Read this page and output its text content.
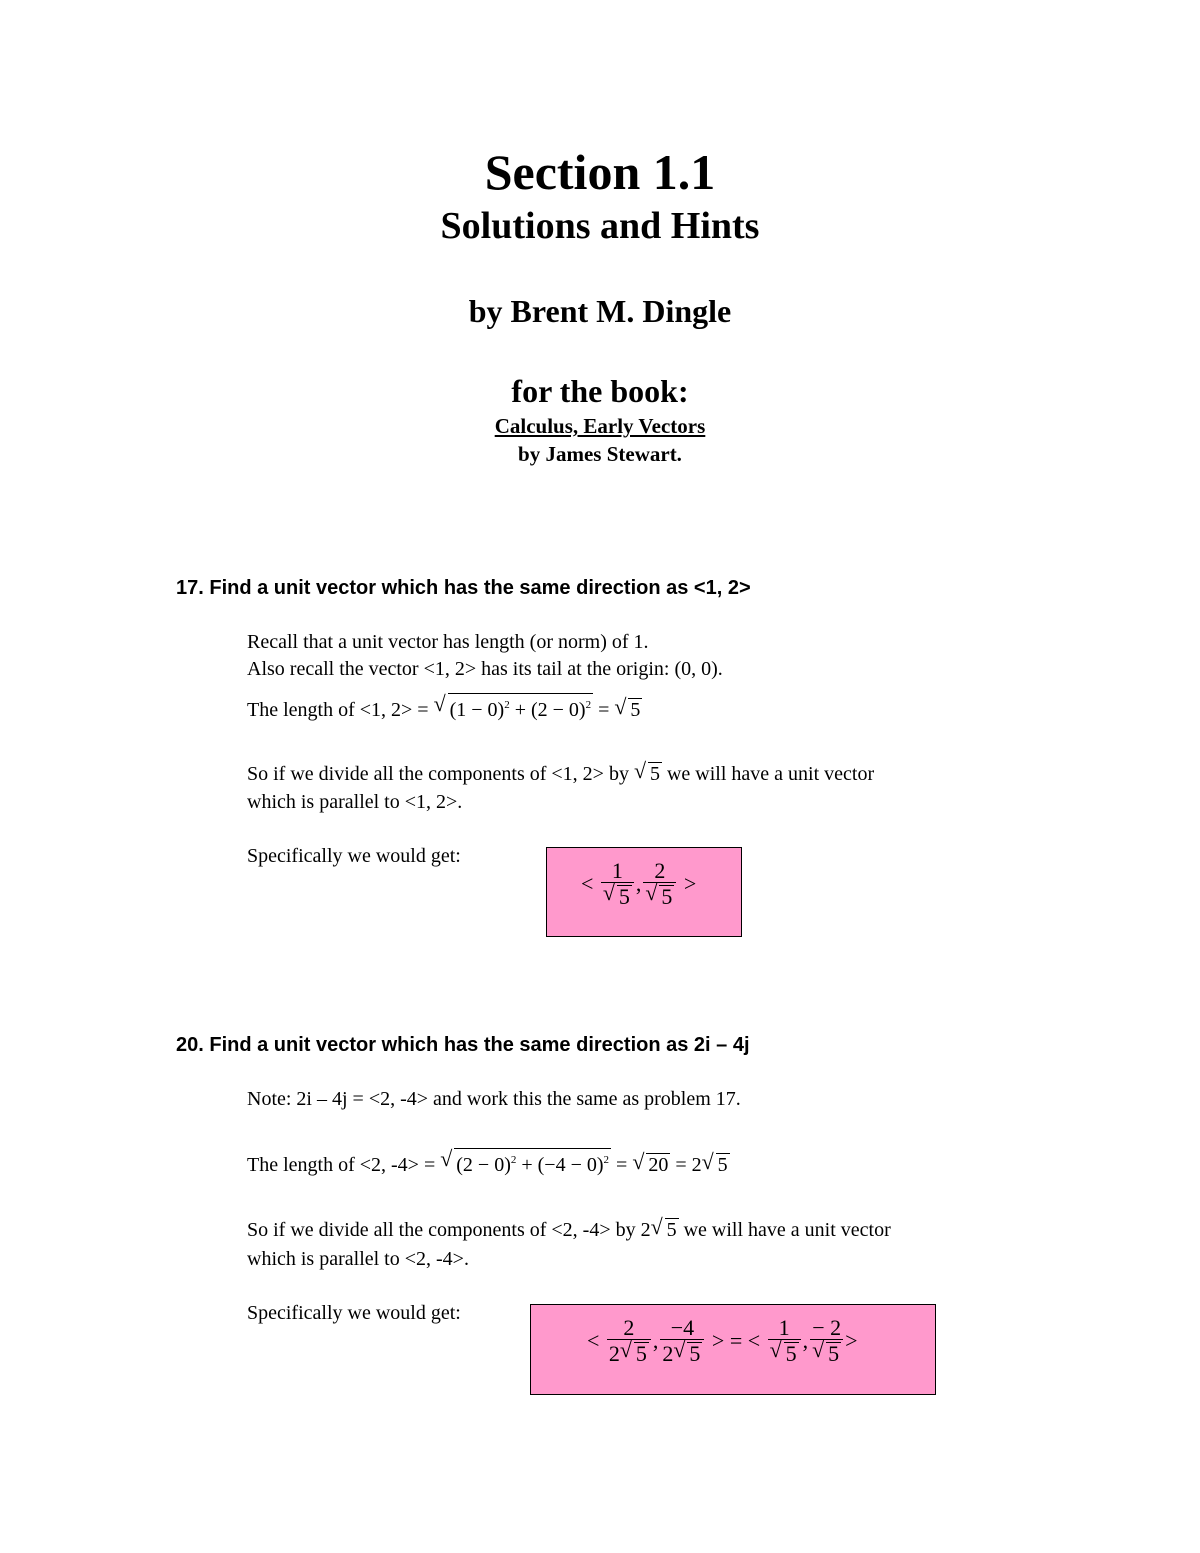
Section 1.1
Solutions and Hints
by Brent M. Dingle
for the book:
Calculus, Early Vectors
by James Stewart.
17. Find a unit vector which has the same direction as <1, 2>
Recall that a unit vector has length (or norm) of 1.
Also recall the vector <1, 2> has its tail at the origin: (0, 0).
The length of <1, 2> = √ $(1 - 0)^2 + (2 - 0)^2$ = √ 5
So if we divide all the components of <1, 2> by √ 5 we will have a unit vector
which is parallel to <1, 2>.
Specifically we would get:
< $\frac{1}{√ 5}$ , $\frac{2}{√ 5}$ >
20. Find a unit vector which has the same direction as 2i – 4j
Note: 2i – 4j = <2, -4> and work this the same as problem 17.
The length of <2, -4> = √ $(2 - 0)^2 + (-4 - 0)^2$ = √ 20 = 2 √ 5
So if we divide all the components of <2, -4> by 2 √ 5 we will have a unit vector
which is parallel to <2, -4>.
Specifically we would get:
< $\frac{2}{2 √ 5}$ , $\frac{-4}{2 √ 5}$ > = < $\frac{1}{√ 5}$ , $\frac{- 2}{√ 5}$ >
